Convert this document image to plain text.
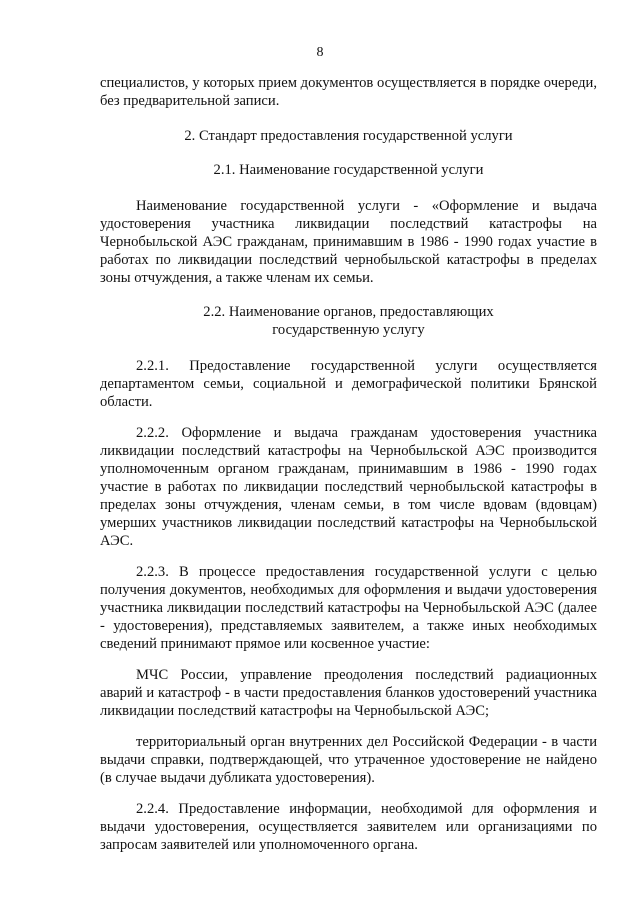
8

специалистов, у которых прием документов осуществляется в порядке очереди, без предварительной записи.

2. Стандарт предоставления государственной услуги

2.1. Наименование государственной услуги

Наименование государственной услуги - «Оформление и выдача удостоверения участника ликвидации последствий катастрофы на Чернобыльской АЭС гражданам, принимавшим в 1986 - 1990 годах участие в работах по ликвидации последствий чернобыльской катастрофы в пределах зоны отчуждения, а также членам их семьи.

2.2. Наименование органов, предоставляющих

государственную услугу

2.2.1. Предоставление государственной услуги осуществляется департаментом семьи, социальной и демографической политики Брянской области.

2.2.2. Оформление и выдача гражданам удостоверения участника ликвидации последствий катастрофы на Чернобыльской АЭС производится уполномоченным органом гражданам, принимавшим в 1986 - 1990 годах участие в работах по ликвидации последствий чернобыльской катастрофы в пределах зоны отчуждения, членам семьи, в том числе вдовам (вдовцам) умерших участников ликвидации последствий катастрофы на Чернобыльской АЭС.

2.2.3. В процессе предоставления государственной услуги с целью получения документов, необходимых для оформления и выдачи удостоверения участника ликвидации последствий катастрофы на Чернобыльской АЭС (далее - удостоверения), представляемых заявителем, а также иных необходимых сведений принимают прямое или косвенное участие:

МЧС России, управление преодоления последствий радиационных аварий и катастроф - в части предоставления бланков удостоверений участника ликвидации последствий катастрофы на Чернобыльской АЭС;

территориальный орган внутренних дел Российской Федерации - в части выдачи справки, подтверждающей, что утраченное удостоверение не найдено (в случае выдачи дубликата удостоверения).

2.2.4. Предоставление информации, необходимой для оформления и выдачи удостоверения, осуществляется заявителем или организациями по запросам заявителей или уполномоченного органа.
